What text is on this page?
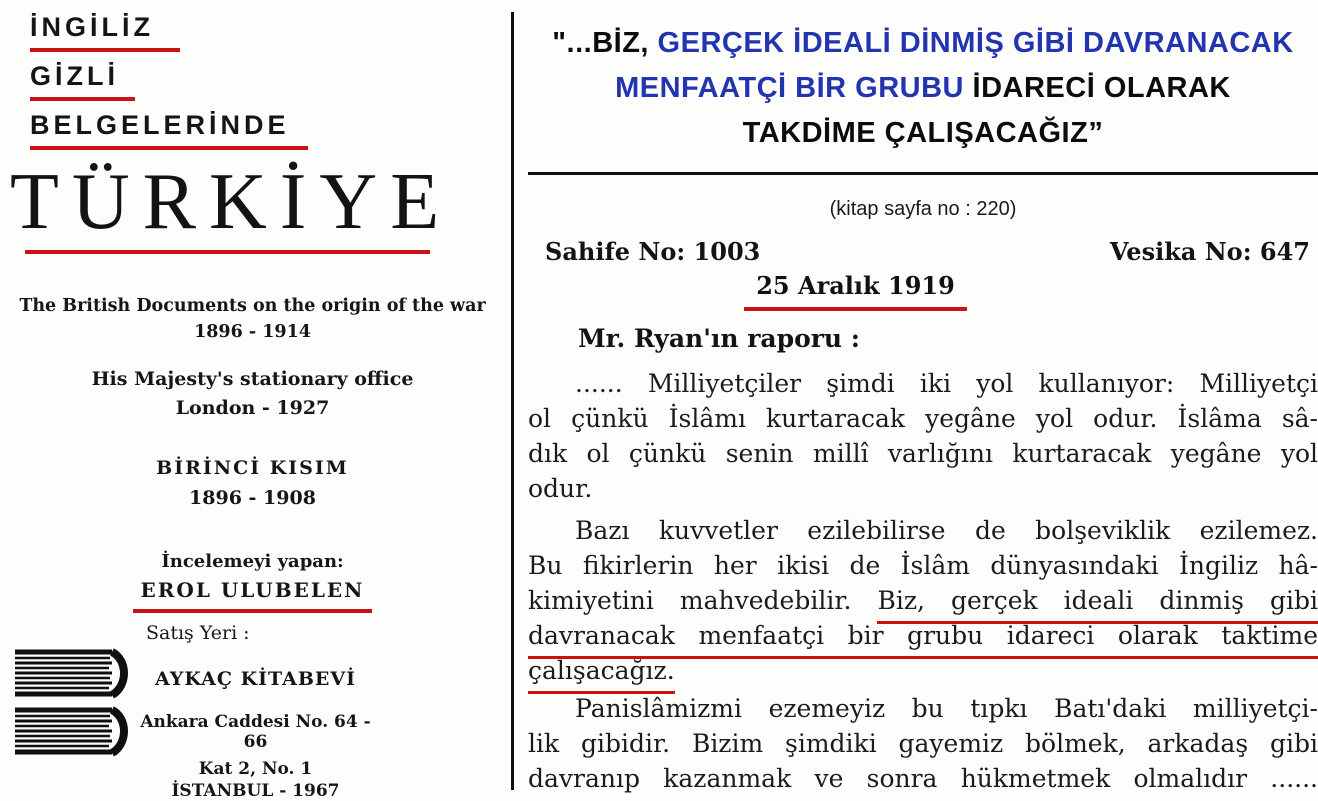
İNGİLİZ
GİZLİ
BELGELERİNDE
TÜRKİYE

The British Documents on the origin of the war

1896 - 1914

His Majesty's stationary office

London - 1927

BİRİNCİ KISIM

1896 - 1908

İncelemeyi yapan:

EROL ULUBELEN

Satış Yeri :

AYKAÇ KİTABEVİ

Ankara Caddesi No. 64 - 66

Kat 2, No. 1

İSTANBUL - 1967

"...BİZ, GERÇEK İDEALİ DİNMİŞ GİBİ DAVRANACAK
MENFAATÇİ BİR GRUBU İDARECİ OLARAK
TAKDİME ÇALIŞACAĞIZ”

(kitap sayfa no : 220)

Sahife No: 1003	Vesika No: 647
25 Aralık 1919

Mr. Ryan'ın raporu :

...... Milliyetçiler şimdi iki yol kullanıyor: Milliyetçi

ol çünkü İslâmı kurtaracak yegâne yol odur. İslâma sâ-

dık ol çünkü senin millî varlığını kurtaracak yegâne yol

odur.

Bazı kuvvetler ezilebilirse de bolşeviklik ezilemez.

Bu fikirlerin her ikisi de İslâm dünyasındaki İngiliz hâ-

kimiyetini mahvedebilir. Biz, gerçek ideali dinmiş gibi

davranacak menfaatçi bir grubu idareci olarak taktime

çalışacağız.

Panislâmizmi ezemeyiz bu tıpkı Batı'daki milliyetçi-

lik gibidir. Bizim şimdiki gayemiz bölmek, arkadaş gibi

davranıp kazanmak ve sonra hükmetmek olmalıdır ......
